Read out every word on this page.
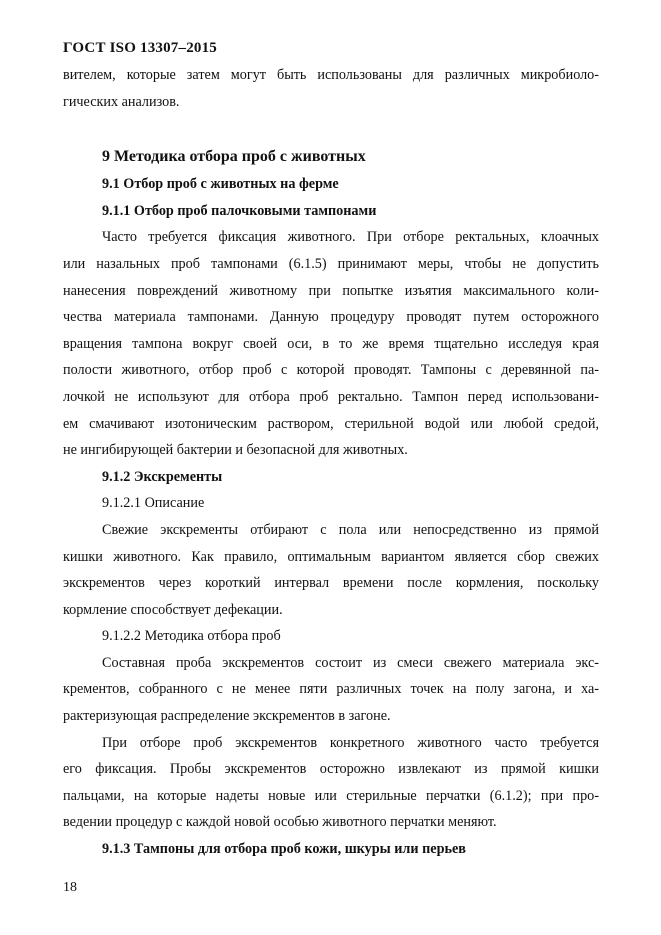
ГОСТ ISO 13307–2015

вителем, которые затем могут быть использованы для различных микробиоло-

гических анализов.

9 Методика отбора проб с животных
9.1 Отбор проб с животных на ферме
9.1.1 Отбор проб палочковыми тампонами

Часто требуется фиксация животного. При отборе ректальных, клоачных

или назальных проб тампонами (6.1.5) принимают меры, чтобы не допустить

нанесения повреждений животному при попытке изъятия максимального коли-

чества материала тампонами. Данную процедуру проводят путем осторожного

вращения тампона вокруг своей оси, в то же время тщательно исследуя края

полости животного, отбор проб с которой проводят. Тампоны с деревянной па-

лочкой не используют для отбора проб ректально. Тампон перед использовани-

ем смачивают изотоническим раствором, стерильной водой или любой средой,

не ингибирующей бактерии и безопасной для животных.

9.1.2 Экскременты
9.1.2.1 Описание

Свежие экскременты отбирают с пола или непосредственно из прямой

кишки животного. Как правило, оптимальным вариантом является сбор свежих

экскрементов через короткий интервал времени после кормления, поскольку

кормление способствует дефекации.

9.1.2.2 Методика отбора проб

Составная проба экскрементов состоит из смеси свежего материала экс-

крементов, собранного с не менее пяти различных точек на полу загона, и ха-

рактеризующая распределение экскрементов в загоне.

При отборе проб экскрементов конкретного животного часто требуется

его фиксация. Пробы экскрементов осторожно извлекают из прямой кишки

пальцами, на которые надеты новые или стерильные перчатки (6.1.2); при про-

ведении процедур с каждой новой особью животного перчатки меняют.

9.1.3 Тампоны для отбора проб кожи, шкуры или перьев
18
